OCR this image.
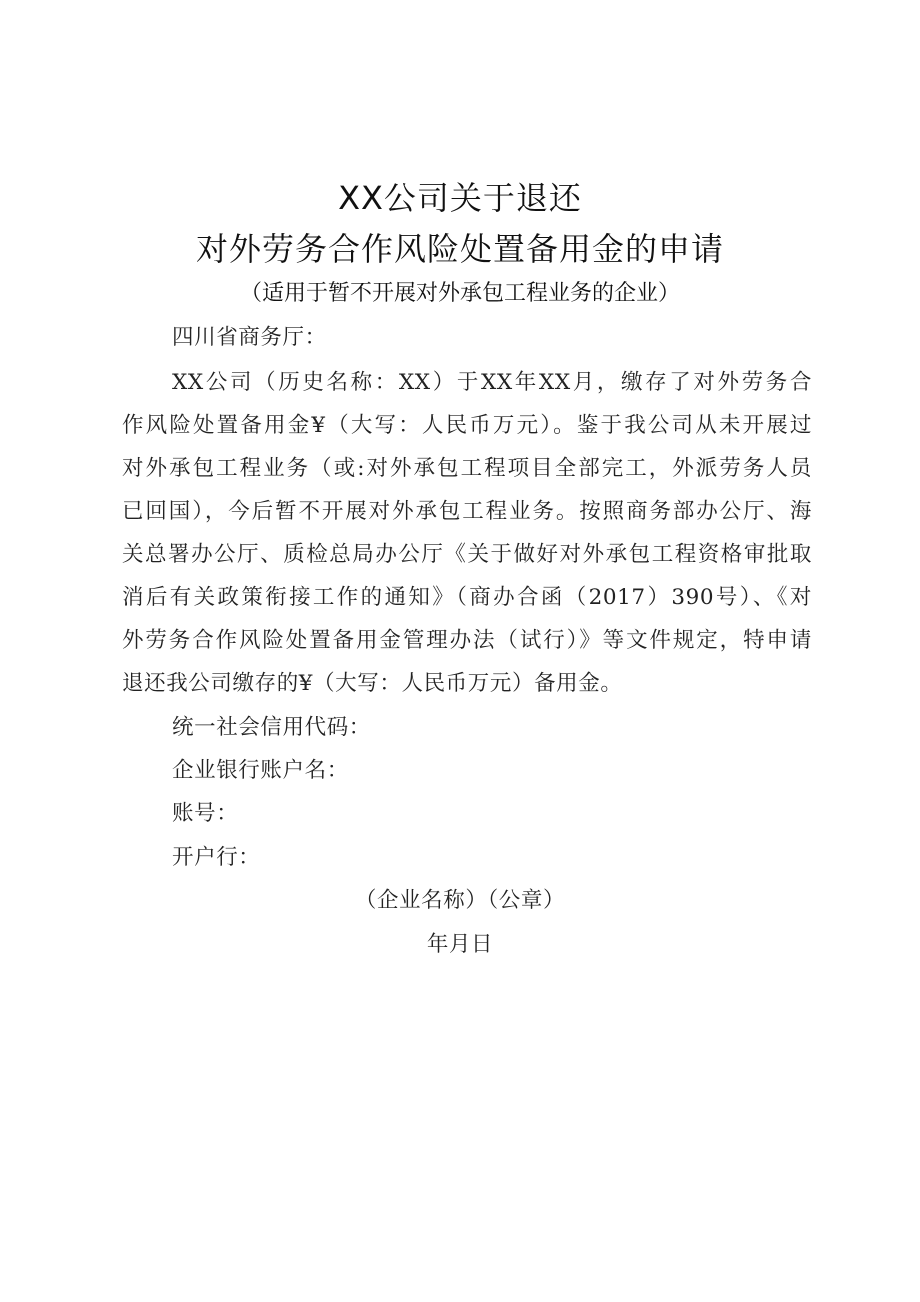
XX公司关于退还
对外劳务合作风险处置备用金的申请
（适用于暂不开展对外承包工程业务的企业）
四川省商务厅：
XX公司（历史名称：XX）于XX年XX月，缴存了对外劳务合
作风险处置备用金¥（大写：人民币万元）。鉴于我公司从未开展过
对外承包工程业务（或:对外承包工程项目全部完工，外派劳务人员
已回国），今后暂不开展对外承包工程业务。按照商务部办公厅、海
关总署办公厅、质检总局办公厅《关于做好对外承包工程资格审批取
消后有关政策衔接工作的通知》（商办合函（2017）390号）、《对
外劳务合作风险处置备用金管理办法（试行）》等文件规定，特申请
退还我公司缴存的¥（大写：人民币万元）备用金。
统一社会信用代码：
企业银行账户名：
账号：
开户行：
（企业名称）（公章）
年月日
